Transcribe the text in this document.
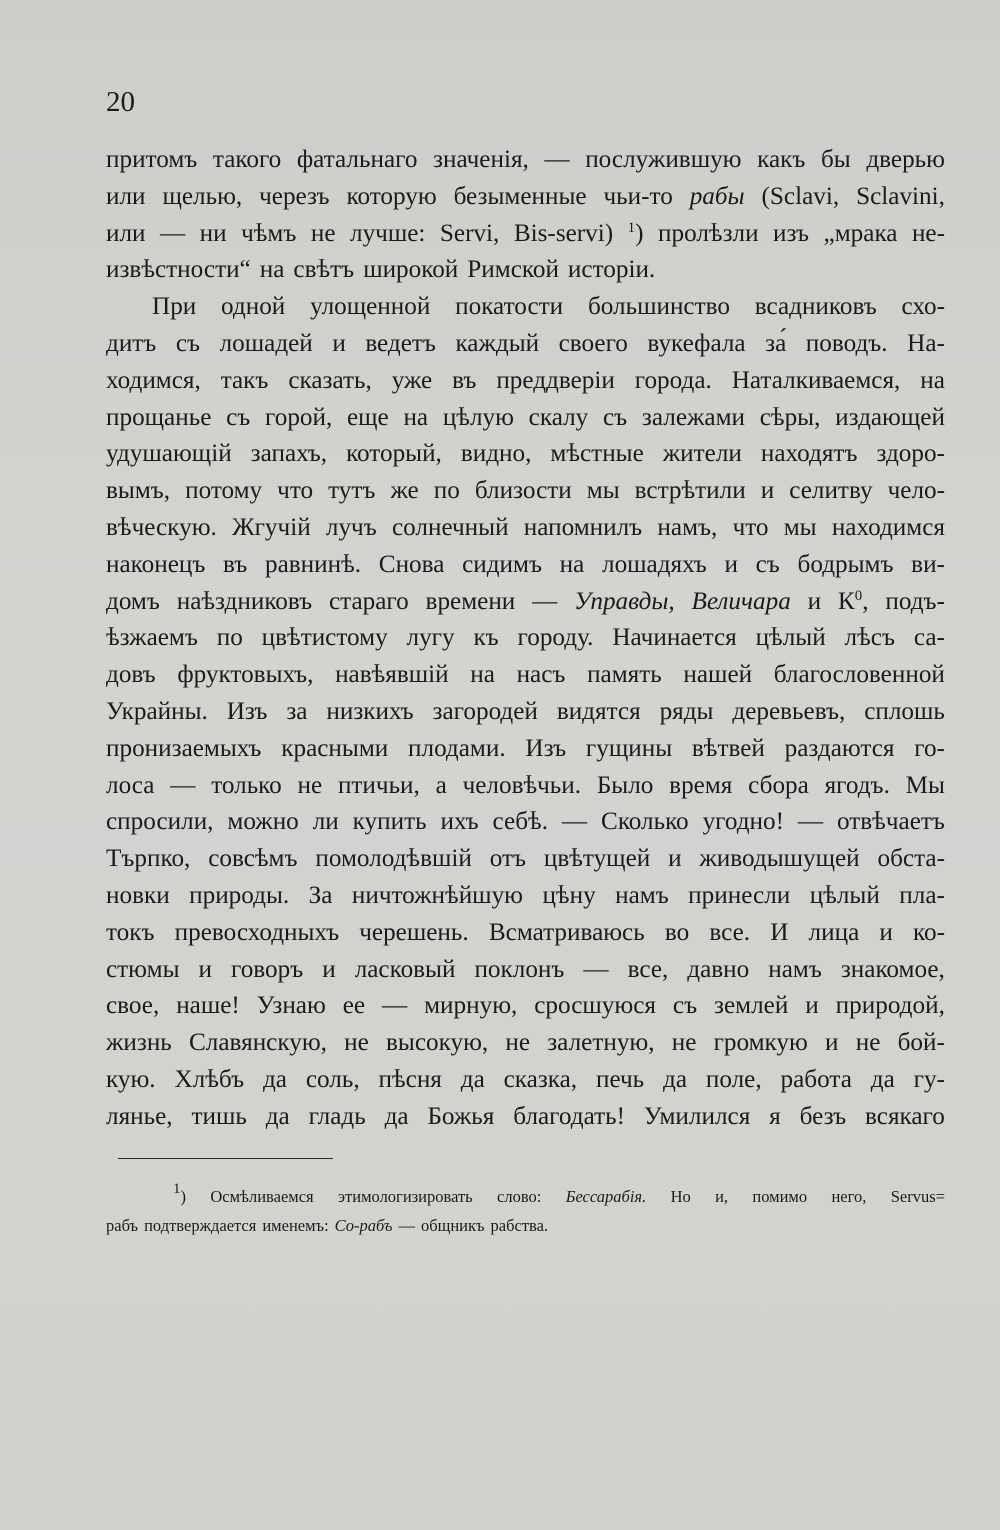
20
притомъ такого фатальнаго значенія, — послужившую какъ бы дверью
или щелью, черезъ которую безыменные чьи-то рабы (Sclavi, Sclavini,
или — ни чѣмъ не лучше: Servi, Bis-servi) $^1$) пролѣзли изъ „мрака не-
извѣстности“ на свѣтъ широкой Римской исторіи.
При одной улощенной покатости большинство всадниковъ схо-
дитъ съ лошадей и ведетъ каждый своего вукефала за́ поводъ. На-
ходимся, такъ сказать, уже въ преддверіи города. Наталкиваемся, на
прощанье съ горой, еще на цѣлую скалу съ залежами сѣры, издающей
удушающій запахъ, который, видно, мѣстные жители находятъ здоро-
вымъ, потому что тутъ же по близости мы встрѣтили и селитву чело-
вѣческую. Жгучій лучъ солнечный напомнилъ намъ, что мы находимся
наконецъ въ равнинѣ. Снова сидимъ на лошадяхъ и съ бодрымъ ви-
домъ наѣздниковъ стараго времени — Управды, Величара и $К^0$, подъ-
ѣзжаемъ по цвѣтистому лугу къ городу. Начинается цѣлый лѣсъ са-
довъ фруктовыхъ, навѣявшій на насъ память нашей благословенной
Украйны. Изъ за низкихъ загородей видятся ряды деревьевъ, сплошь
пронизаемыхъ красными плодами. Изъ гущины вѣтвей раздаются го-
лоса — только не птичьи, а человѣчьи. Было время сбора ягодъ. Мы
спросили, можно ли купить ихъ себѣ. — Сколько угодно! — отвѣчаетъ
Търпко, совсѣмъ помолодѣвшій отъ цвѣтущей и живодышущей обста-
новки природы. За ничтожнѣйшую цѣну намъ принесли цѣлый пла-
токъ превосходныхъ черешень. Всматриваюсь во все. И лица и ко-
стюмы и говоръ и ласковый поклонъ — все, давно намъ знакомое,
свое, наше! Узнаю ее — мирную, сросшуюся съ землей и природой,
жизнь Славянскую, не высокую, не залетную, не громкую и не бой-
кую. Хлѣбъ да соль, пѣсня да сказка, печь да поле, работа да гу-
лянье, тишь да гладь да Божья благодать! Умилился я безъ всякаго
$^1$) Осмѣливаемся этимологизировать слово: Бессарабія. Но и, помимо него, Servus=
рабъ подтверждается именемъ: Со-рабъ — общникъ рабства.
